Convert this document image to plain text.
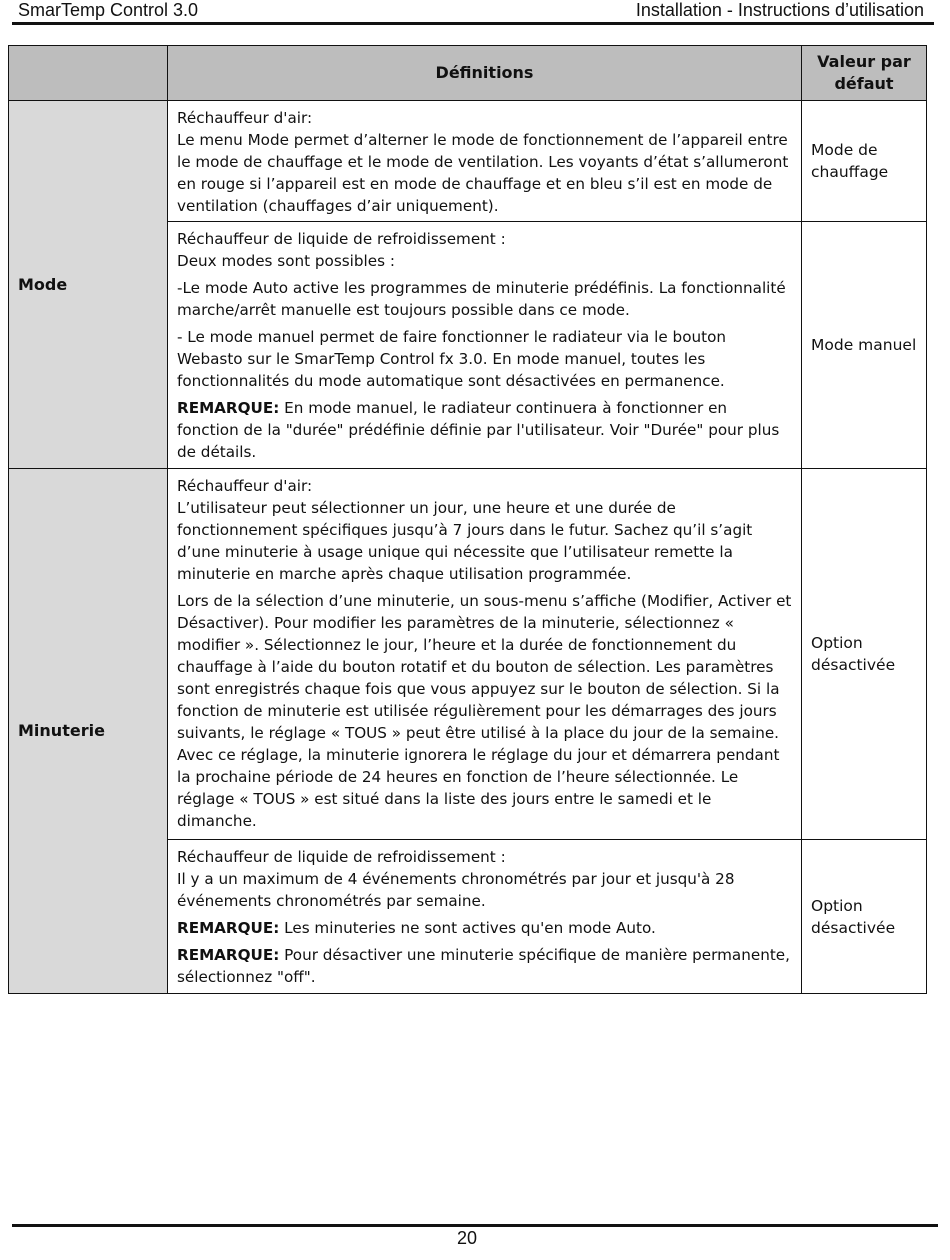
SmarTemp Control 3.0	Installation - Instructions d’utilisation
	Définitions	Valeur par défaut
Mode	Réchauffeur d'air:
Le menu Mode permet d’alterner le mode de fonctionnement de l’appareil entre le mode de chauffage et le mode de ventilation. Les voyants d’état s’allumeront en rouge si l’appareil est en mode de chauffage et en bleu s’il est en mode de ventilation (chauffages d’air uniquement).	Mode de chauffage

	Réchauffeur de liquide de refroidissement :
Deux modes sont possibles :
-Le mode Auto active les programmes de minuterie prédéfinis. La fonctionnalité marche/arrêt manuelle est toujours possible dans ce mode.
- Le mode manuel permet de faire fonctionner le radiateur via le bouton Webasto sur le SmarTemp Control fx 3.0. En mode manuel, toutes les fonctionnalités du mode automatique sont désactivées en permanence.
REMARQUE: En mode manuel, le radiateur continuera à fonctionner en fonction de la "durée" prédéfinie définie par l'utilisateur. Voir "Durée" pour plus de détails.	Mode manuel
Minuterie	Réchauffeur d'air:
L’utilisateur peut sélectionner un jour, une heure et une durée de fonctionnement spécifiques jusqu’à 7 jours dans le futur. Sachez qu’il s’agit d’une minuterie à usage unique qui nécessite que l’utilisateur remette la minuterie en marche après chaque utilisation programmée.
Lors de la sélection d’une minuterie, un sous-menu s’affiche (Modifier, Activer et Désactiver). Pour modifier les paramètres de la minuterie, sélectionnez « modifier ». Sélectionnez le jour, l’heure et la durée de fonctionnement du chauffage à l’aide du bouton rotatif et du bouton de sélection. Les paramètres sont enregistrés chaque fois que vous appuyez sur le bouton de sélection. Si la fonction de minuterie est utilisée régulièrement pour les démarrages des jours suivants, le réglage « TOUS » peut être utilisé à la place du jour de la semaine. Avec ce réglage, la minuterie ignorera le réglage du jour et démarrera pendant la prochaine période de 24 heures en fonction de l’heure sélectionnée. Le réglage « TOUS » est situé dans la liste des jours entre le samedi et le dimanche.	Option désactivée

	Réchauffeur de liquide de refroidissement :
Il y a un maximum de 4 événements chronométrés par jour et jusqu'à 28 événements chronométrés par semaine.
REMARQUE: Les minuteries ne sont actives qu'en mode Auto.
REMARQUE: Pour désactiver une minuterie spécifique de manière permanente, sélectionnez "off".	Option désactivée
20
